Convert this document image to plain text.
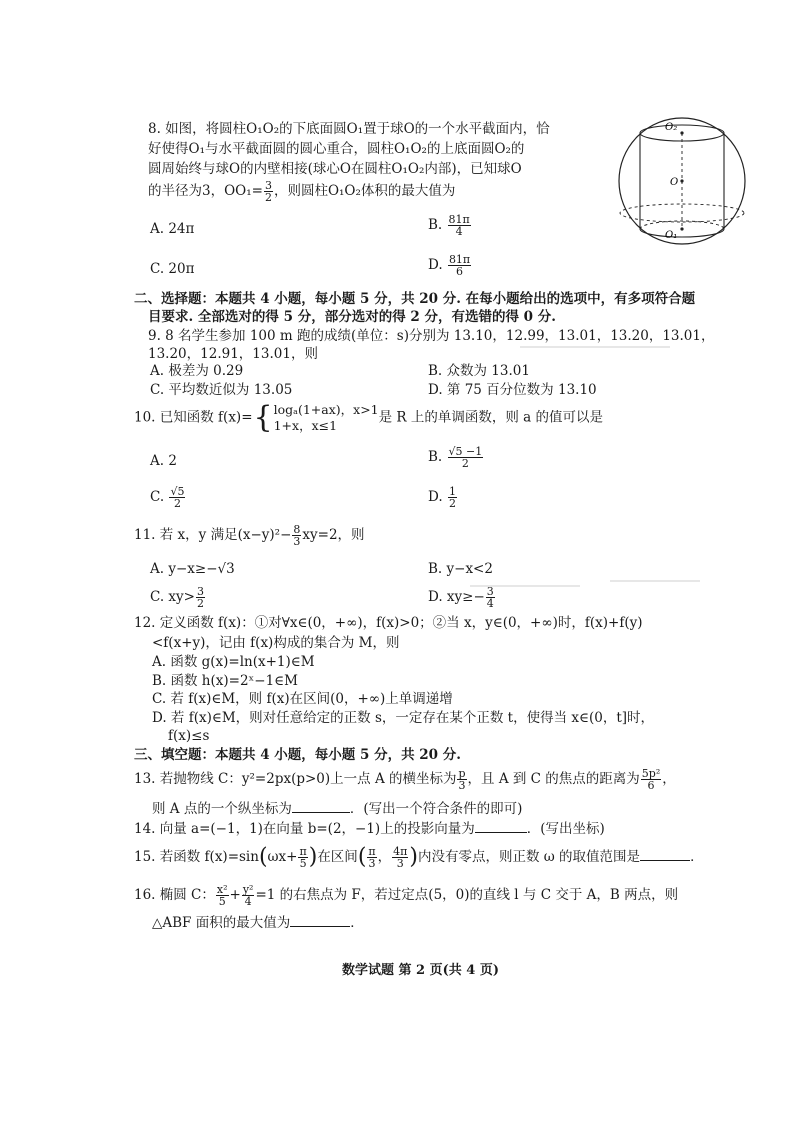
8. 如图，将圆柱O₁O₂的下底面圆O₁置于球O的一个水平截面内，恰
好使得O₁与水平截面圆的圆心重合，圆柱O₁O₂的上底面圆O₂的
圆周始终与球O的内壁相接(球心O在圆柱O₁O₂内部)，已知球O
的半径为3，$OO_1= \frac{3}{2}$ ，则圆柱O₁O₂体积的最大值为
A. 24π	B. $\frac{81\pi}{4}$
C. 20π	D. $\frac{81\pi}{6}$
O₂
O
O₁
二、选择题：本题共 4 小题，每小题 5 分，共 20 分. 在每小题给出的选项中，有多项符合题
目要求. 全部选对的得 5 分，部分选对的得 2 分，有选错的得 0 分.
9. 8 名学生参加 100 m 跑的成绩(单位：s)分别为 13.10，12.99，13.01，13.20，13.01，
13.20，12.91，13.01，则
A. 极差为 0.29	B. 众数为 13.01
C. 平均数近似为 13.05	D. 第 75 百分位数为 13.10
10. 已知函数 f(x)={ logₐ(1+ax)，x>1
1+x，x≤1	是 R 上的单调函数，则 a 的值可以是
A. 2	B. $\frac{√5 -1}{2}$
C. $\frac{√5}{2}$	D. $\frac{1}{2}$
11. 若 x，y 满足$(x-y)^2- \frac{8}{3} xy=2$，则
A. y−x≥−√3	B. y−x<2
C. $xy> \frac{3}{2}$	D. $xy\ge- \frac{3}{4}$
12. 定义函数 f(x)：①对∀x∈(0，+∞)，f(x)>0；②当 x，y∈(0，+∞)时，f(x)+f(y)
<f(x+y)，记由 f(x)构成的集合为 M，则
A. 函数 g(x)=ln(x+1)∈M
B. 函数 h(x)=2ˣ−1∈M
C. 若 f(x)∈M，则 f(x)在区间(0，+∞)上单调递增
D. 若 f(x)∈M，则对任意给定的正数 s，一定存在某个正数 t，使得当 x∈(0，t]时，
f(x)≤s
三、填空题：本题共 4 小题，每小题 5 分，共 20 分.
13. 若抛物线 C：y²=2px(p>0)上一点 A 的横坐标为 $\frac{p}{3}$ ，且 A 到 C 的焦点的距离为 $\frac{\text{5p²}}{6}$ ，
则 A 点的一个纵坐标为	．(写出一个符合条件的即可)
14. 向量 a=(−1，1)在向量 b=(2，−1)上的投影向量为	．(写出坐标)
15. 若函数 $f(x)=\sin(\omega x+ \frac{\pi}{5}$ )在区间( $\frac{\pi}{3}$ ， $\frac{4\pi}{3}$ )内没有零点，则正数 ω 的取值范围是	．
16. 椭圆 C： $\frac{\text{x²}}{5} + \frac{\text{y²}}{4} =1$ 的右焦点为 F，若过定点(5，0)的直线 l 与 C 交于 A，B 两点，则
△ABF 面积的最大值为	．
数学试题 第 2 页(共 4 页)
